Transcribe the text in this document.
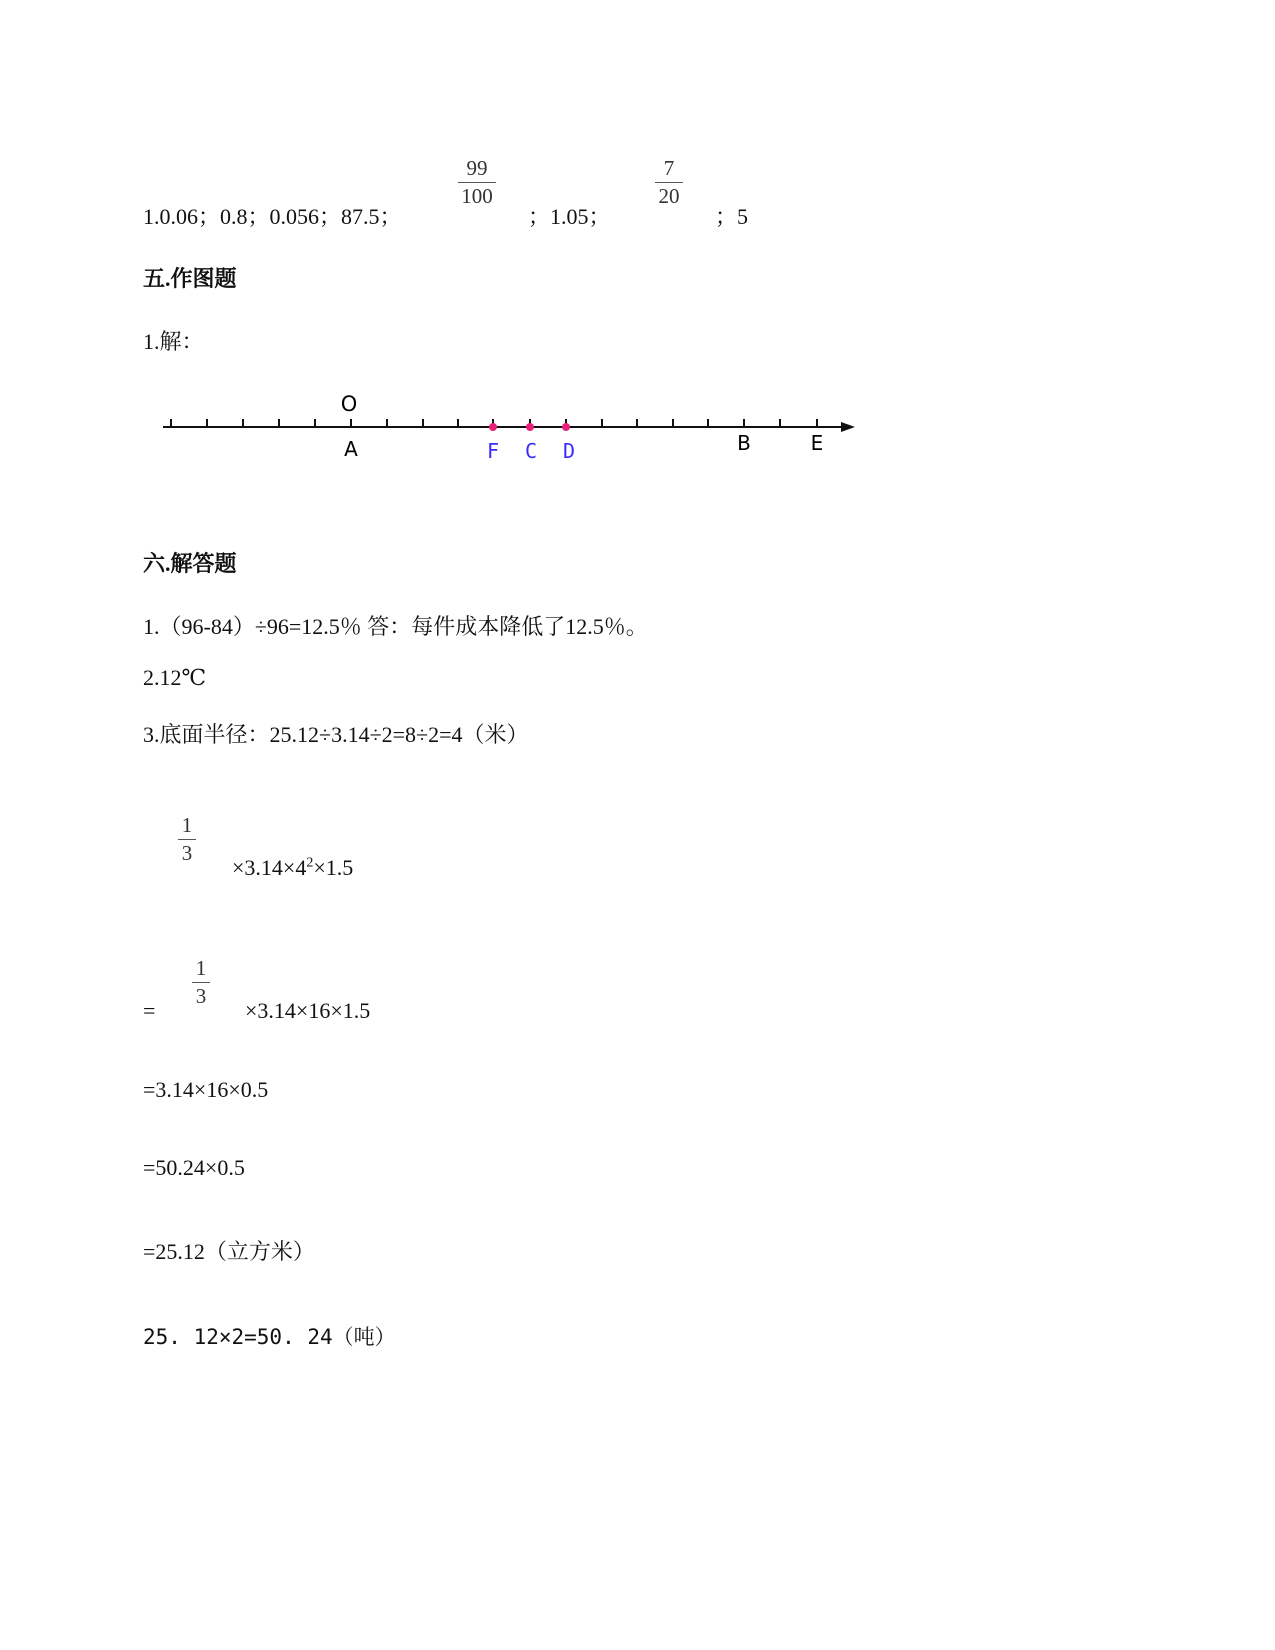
1.0.06；0.8；0.056；87.5；
99
100
；1.05；
7
20
；5
五.作图题
1.解：
O
A	F C D	B	E
六.解答题
1.（96-84）÷96=12.5％ 答：每件成本降低了12.5％。
2.12℃
3.底面半径：25.12÷3.14÷2=8÷2=4（米）
1
3
$\times 3.14\times 4^2\times 1.5$
=
1
3
×3.14×16×1.5
=3.14×16×0.5
=50.24×0.5
=25.12（立方米）
25. 12×2=50. 24（吨）
